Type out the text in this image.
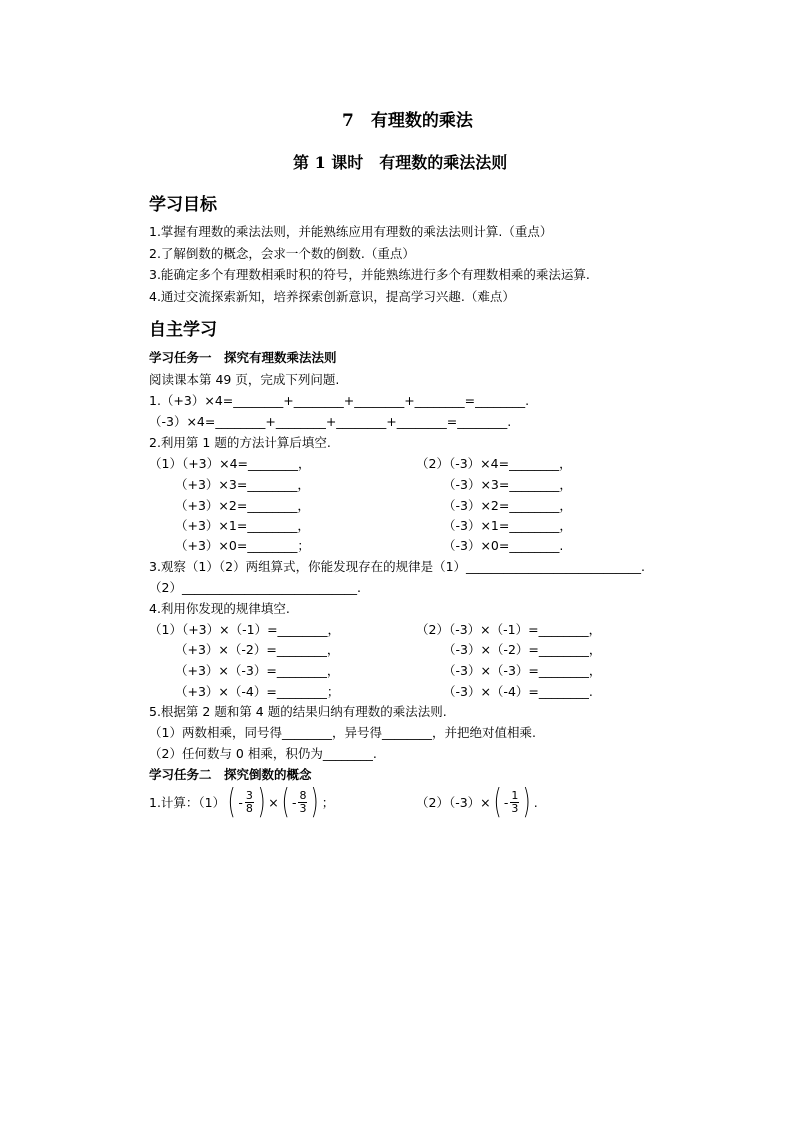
7　有理数的乘法
第 1 课时　有理数的乘法法则
学习目标
1.掌握有理数的乘法法则，并能熟练应用有理数的乘法法则计算.（重点）
2.了解倒数的概念，会求一个数的倒数.（重点）
3.能确定多个有理数相乘时积的符号，并能熟练进行多个有理数相乘的乘法运算.
4.通过交流探索新知，培养探索创新意识，提高学习兴趣.（难点）
自主学习
学习任务一　探究有理数乘法法则
阅读课本第 49 页，完成下列问题.
1.（+3）×4=________+________+________+________=________.
（-3）×4=________+________+________+________=________.
2.利用第 1 题的方法计算后填空.
（1）（+3）×4=________，
（+3）×3=________，
（+3）×2=________，
（+3）×1=________，
（+3）×0=________；
（2）（-3）×4=________，
（-3）×3=________，
（-3）×2=________，
（-3）×1=________，
（-3）×0=________.
3.观察（1）（2）两组算式，你能发现存在的规律是（1）____________________________.
（2）____________________________.
4.利用你发现的规律填空.
（1）（+3）×（-1）=________，
（+3）×（-2）=________，
（+3）×（-3）=________，
（+3）×（-4）=________；
（2）（-3）×（-1）=________，
（-3）×（-2）=________，
（-3）×（-3）=________，
（-3）×（-4）=________.
5.根据第 2 题和第 4 题的结果归纳有理数的乘法法则.
（1）两数相乘，同号得________，异号得________，并把绝对值相乘.
（2）任何数与 0 相乘，积仍为________.
学习任务二　探究倒数的概念
1.计算：（1） ( - $\frac{3}{8}$ ) × ( - $\frac{8}{3}$ ) ；	（2）（-3）× ( - $\frac{1}{3}$ ) .
